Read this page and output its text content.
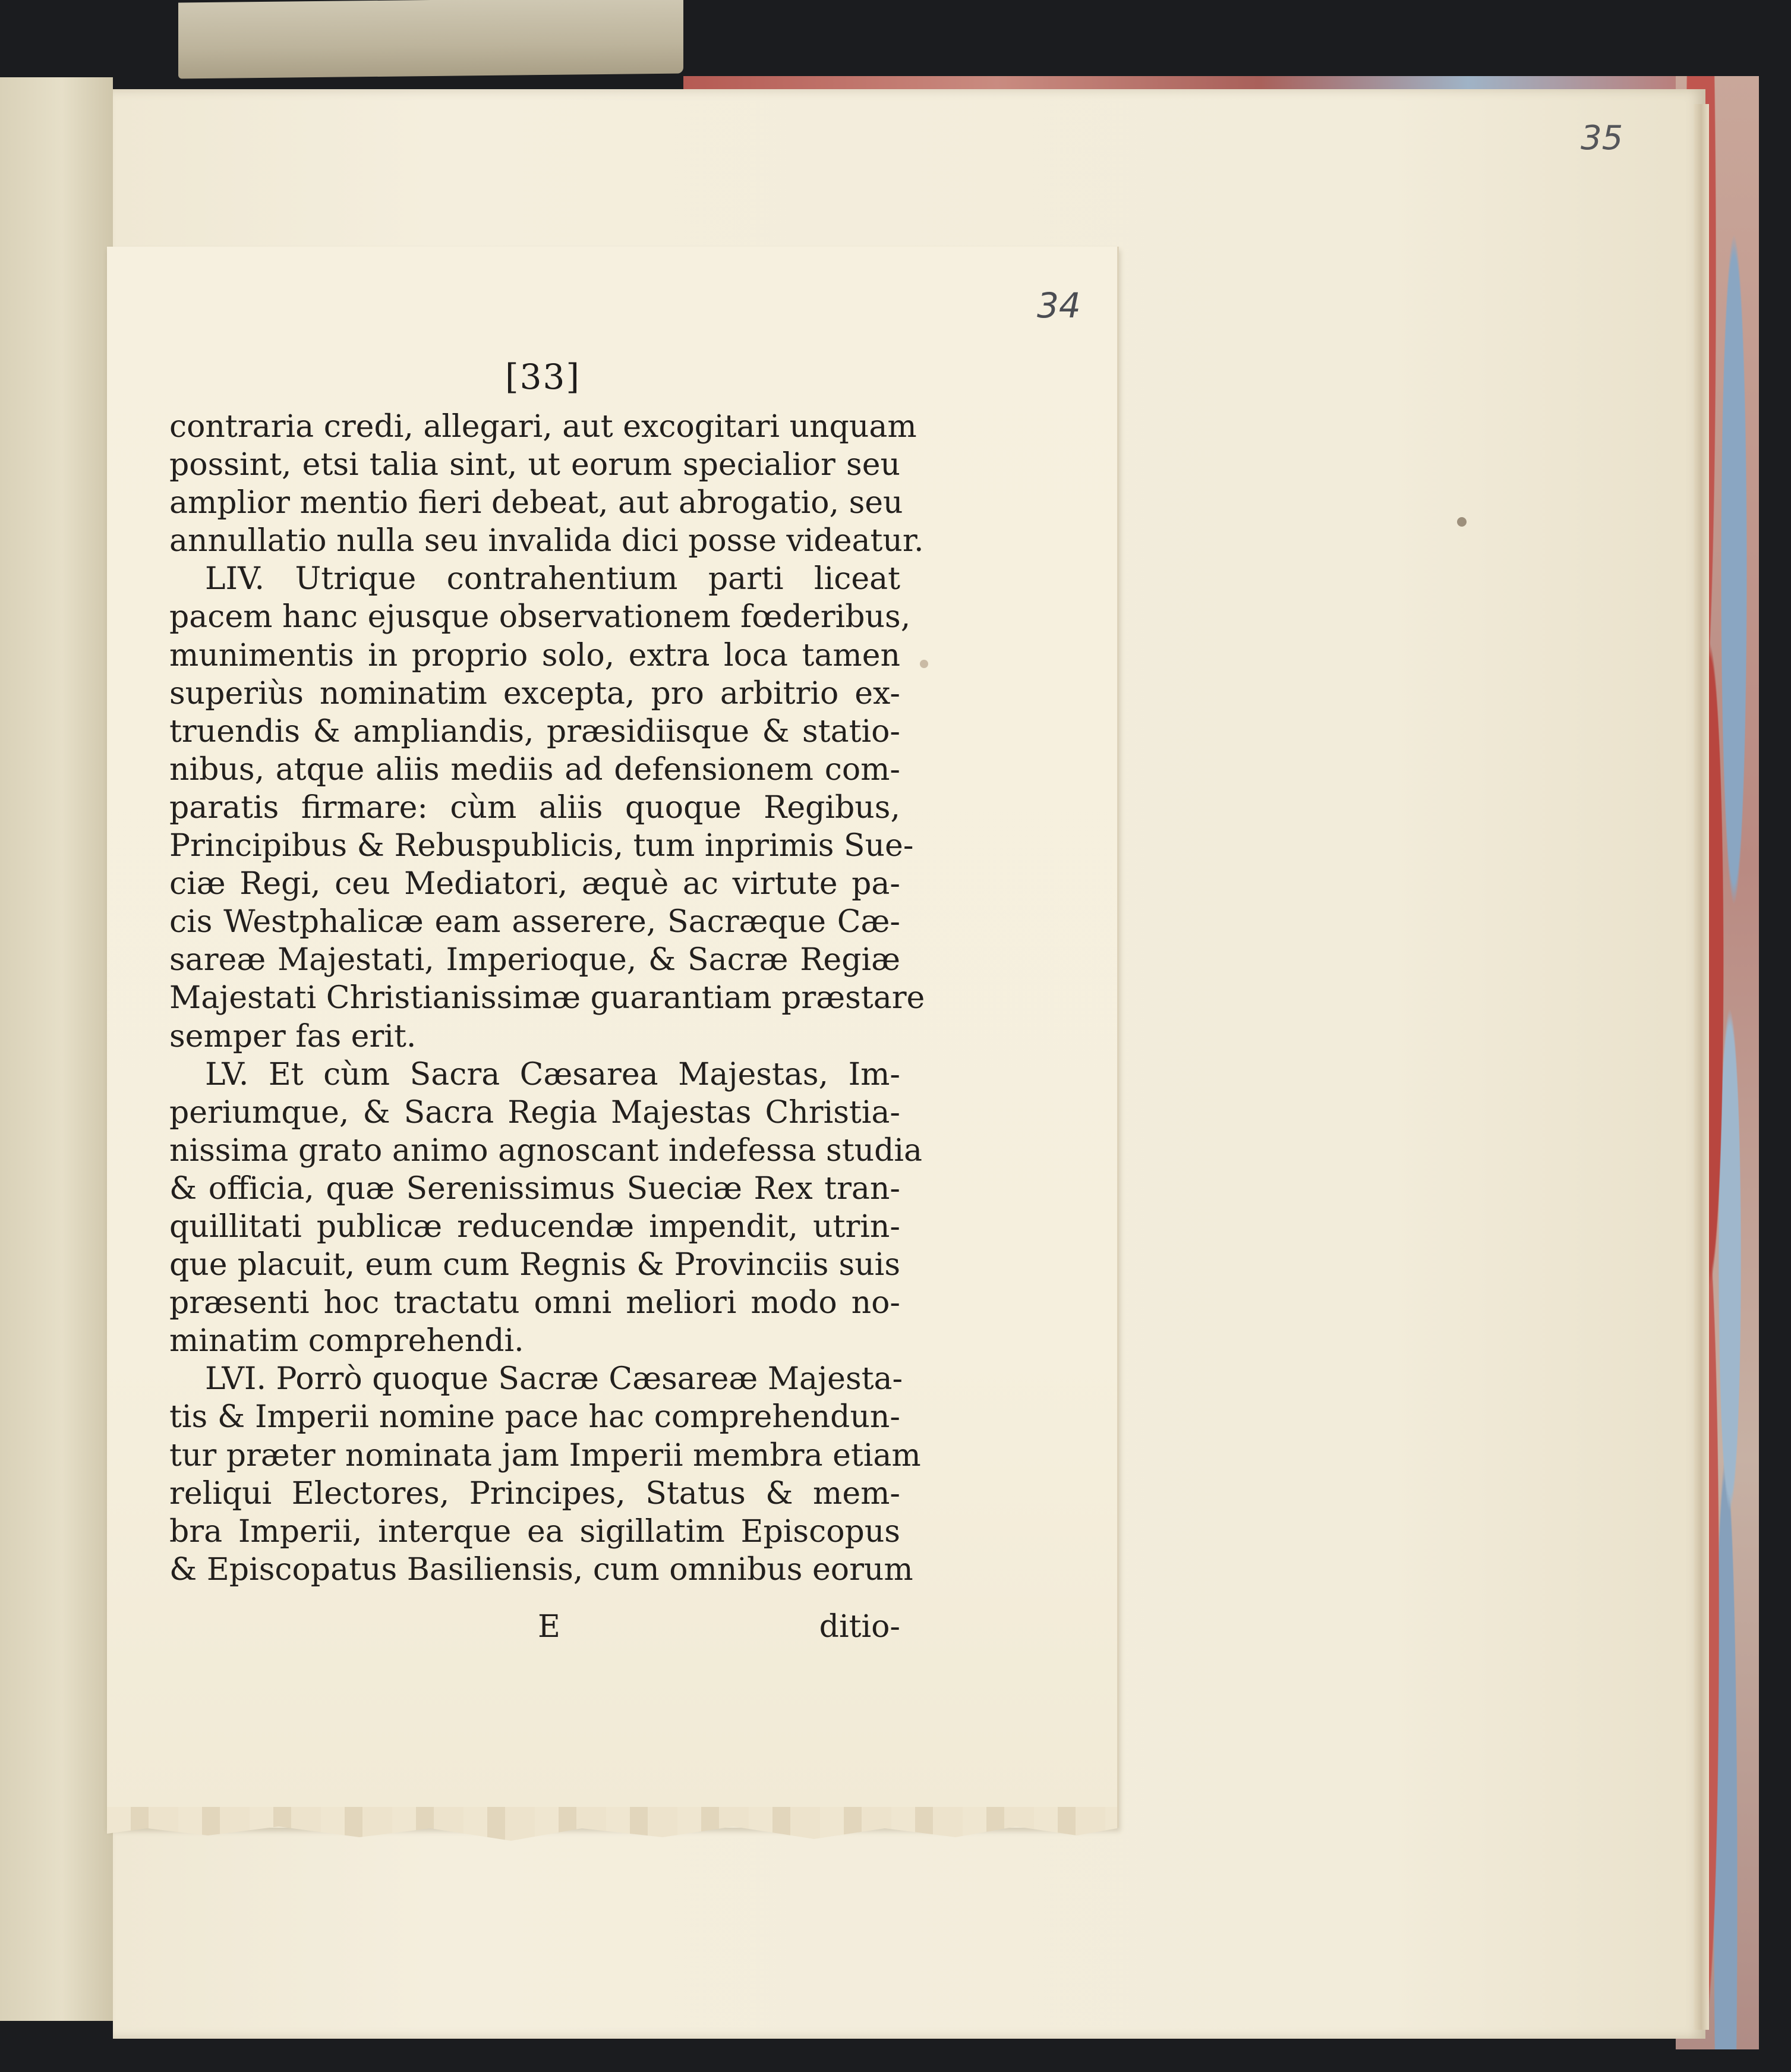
35
34
[33]
contraria credi, allegari, aut excogitari unquam
possint, etsi talia sint, ut eorum specialior seu
amplior mentio fieri debeat, aut abrogatio, seu
annullatio nulla seu invalida dici posse videatur.
LIV. Utrique contrahentium parti liceat
pacem hanc ejusque observationem fœderibus,
munimentis in proprio solo, extra loca tamen
superiùs nominatim excepta, pro arbitrio ex-
truendis & ampliandis, præsidiisque & statio-
nibus, atque aliis mediis ad defensionem com-
paratis firmare: cùm aliis quoque Regibus,
Principibus & Rebuspublicis, tum inprimis Sue-
ciæ Regi, ceu Mediatori, æquè ac virtute pa-
cis Westphalicæ eam asserere, Sacræque Cæ-
sareæ Majestati, Imperioque, & Sacræ Regiæ
Majestati Christianissimæ guarantiam præstare
semper fas erit.
LV. Et cùm Sacra Cæsarea Majestas, Im-
periumque, & Sacra Regia Majestas Christia-
nissima grato animo agnoscant indefessa studia
& officia, quæ Serenissimus Sueciæ Rex tran-
quillitati publicæ reducendæ impendit, utrin-
que placuit, eum cum Regnis & Provinciis suis
præsenti hoc tractatu omni meliori modo no-
minatim comprehendi.
LVI. Porrò quoque Sacræ Cæsareæ Majesta-
tis & Imperii nomine pace hac comprehendun-
tur præter nominata jam Imperii membra etiam
reliqui Electores, Principes, Status & mem-
bra Imperii, interque ea sigillatim Episcopus
& Episcopatus Basiliensis, cum omnibus eorum
E	ditio-
